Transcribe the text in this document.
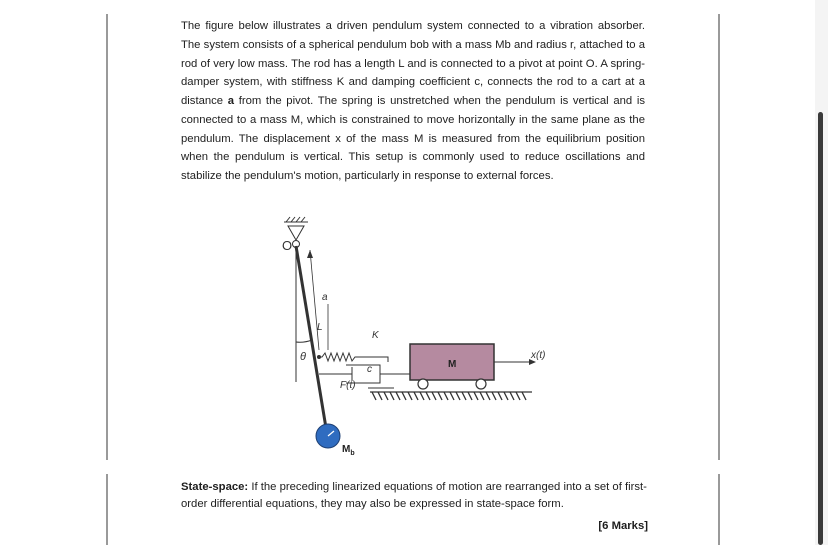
The figure below illustrates a driven pendulum system connected to a vibration absorber. The system consists of a spherical pendulum bob with a mass Mb and radius r, attached to a rod of very low mass. The rod has a length L and is connected to a pivot at point O. A spring-damper system, with stiffness K and damping coefficient c, connects the rod to a cart at a distance a from the pivot. The spring is unstretched when the pendulum is vertical and is connected to a mass M, which is constrained to move horizontally in the same plane as the pendulum. The displacement x of the mass M is measured from the equilibrium position when the pendulum is vertical. This setup is commonly used to reduce oscillations and stabilize the pendulum's motion, particularly in response to external forces.

O
θ
a
L
K
c	M
x(t)
F(t)
$M_b$

State-space: If the preceding linearized equations of motion are rearranged into a set of first-order differential equations, they may also be expressed in state-space form.

[6 Marks]
